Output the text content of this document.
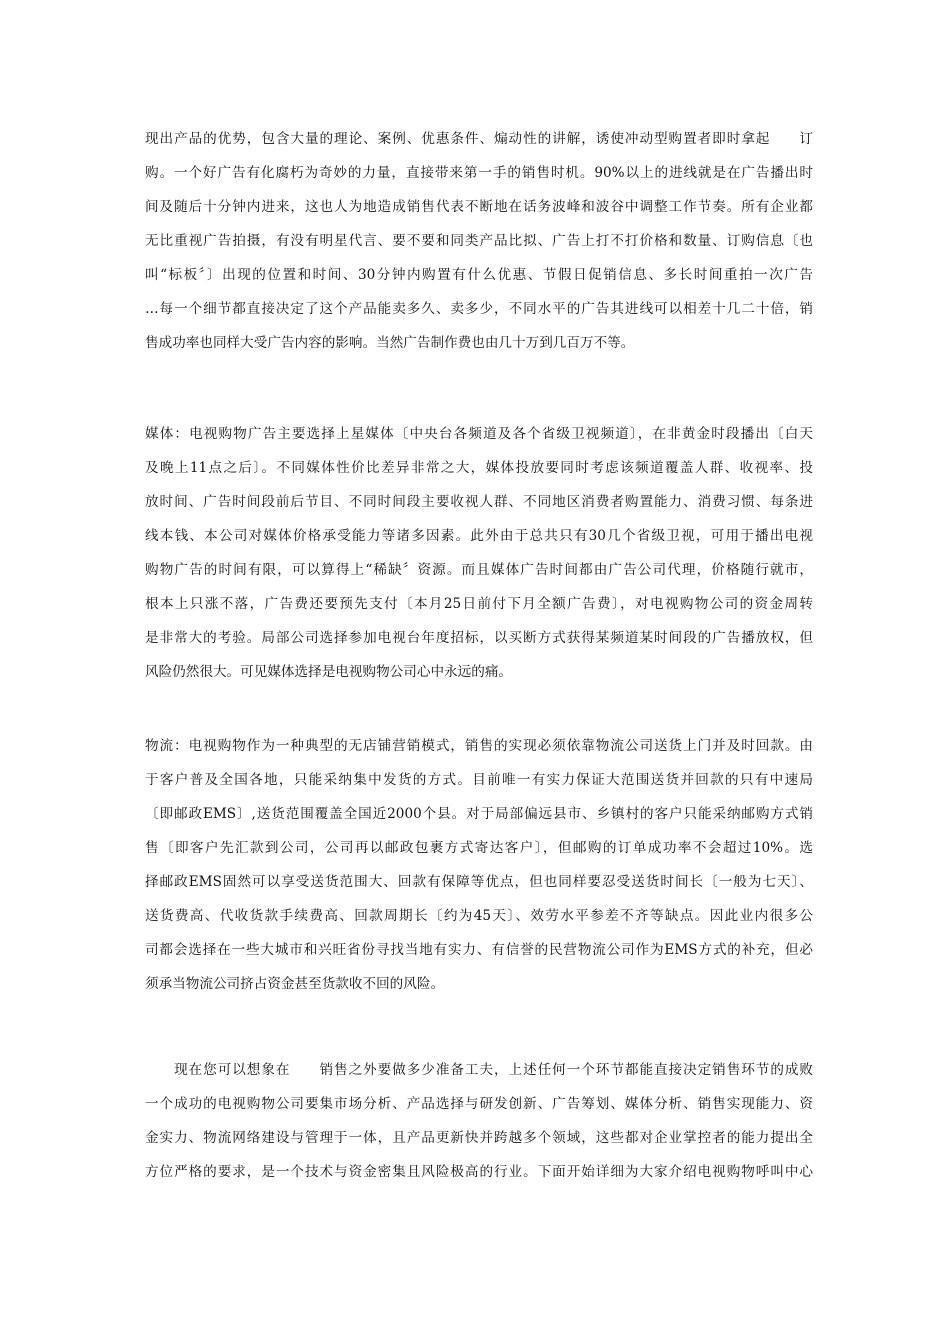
现出产品的优势，包含大量的理论、案例、优惠条件、煽动性的讲解，诱使冲动型购置者即时拿起　　订
购。一个好广告有化腐朽为奇妙的力量，直接带来第一手的销售时机。90%以上的进线就是在广告播出时
间及随后十分钟内进来，这也人为地造成销售代表不断地在话务波峰和波谷中调整工作节奏。所有企业都
无比重视广告拍摄，有没有明星代言、要不要和同类产品比拟、广告上打不打价格和数量、订购信息〔也
叫“标板〞〕出现的位置和时间、30分钟内购置有什么优惠、节假日促销信息、多长时间重拍一次广告
…每一个细节都直接决定了这个产品能卖多久、卖多少，不同水平的广告其进线可以相差十几二十倍，销
售成功率也同样大受广告内容的影响。当然广告制作费也由几十万到几百万不等。
媒体：电视购物广告主要选择上星媒体〔中央台各频道及各个省级卫视频道〕，在非黄金时段播出〔白天
及晚上11点之后〕。不同媒体性价比差异非常之大，媒体投放要同时考虑该频道覆盖人群、收视率、投
放时间、广告时间段前后节目、不同时间段主要收视人群、不同地区消费者购置能力、消费习惯、每条进
线本钱、本公司对媒体价格承受能力等诸多因素。此外由于总共只有30几个省级卫视，可用于播出电视
购物广告的时间有限，可以算得上“稀缺〞资源。而且媒体广告时间都由广告公司代理，价格随行就市，
根本上只涨不落，广告费还要预先支付〔本月25日前付下月全额广告费〕，对电视购物公司的资金周转
是非常大的考验。局部公司选择参加电视台年度招标，以买断方式获得某频道某时间段的广告播放权，但
风险仍然很大。可见媒体选择是电视购物公司心中永远的痛。
物流：电视购物作为一种典型的无店铺营销模式，销售的实现必须依靠物流公司送货上门并及时回款。由
于客户普及全国各地，只能采纳集中发货的方式。目前唯一有实力保证大范围送货并回款的只有中速局
〔即邮政EMS〕,送货范围覆盖全国近2000个县。对于局部偏远县市、乡镇村的客户只能采纳邮购方式销
售〔即客户先汇款到公司，公司再以邮政包裹方式寄达客户〕，但邮购的订单成功率不会超过10%。选
择邮政EMS固然可以享受送货范围大、回款有保障等优点，但也同样要忍受送货时间长〔一般为七天〕、
送货费高、代收货款手续费高、回款周期长〔约为45天〕、效劳水平参差不齐等缺点。因此业内很多公
司都会选择在一些大城市和兴旺省份寻找当地有实力、有信誉的民营物流公司作为EMS方式的补充，但必
须承当物流公司挤占资金甚至货款收不回的风险。
　　现在您可以想象在　　销售之外要做多少准备工夫，上述任何一个环节都能直接决定销售环节的成败
一个成功的电视购物公司要集市场分析、产品选择与研发创新、广告筹划、媒体分析、销售实现能力、资
金实力、物流网络建设与管理于一体，且产品更新快并跨越多个领域，这些都对企业掌控者的能力提出全
方位严格的要求，是一个技术与资金密集且风险极高的行业。下面开始详细为大家介绍电视购物呼叫中心
